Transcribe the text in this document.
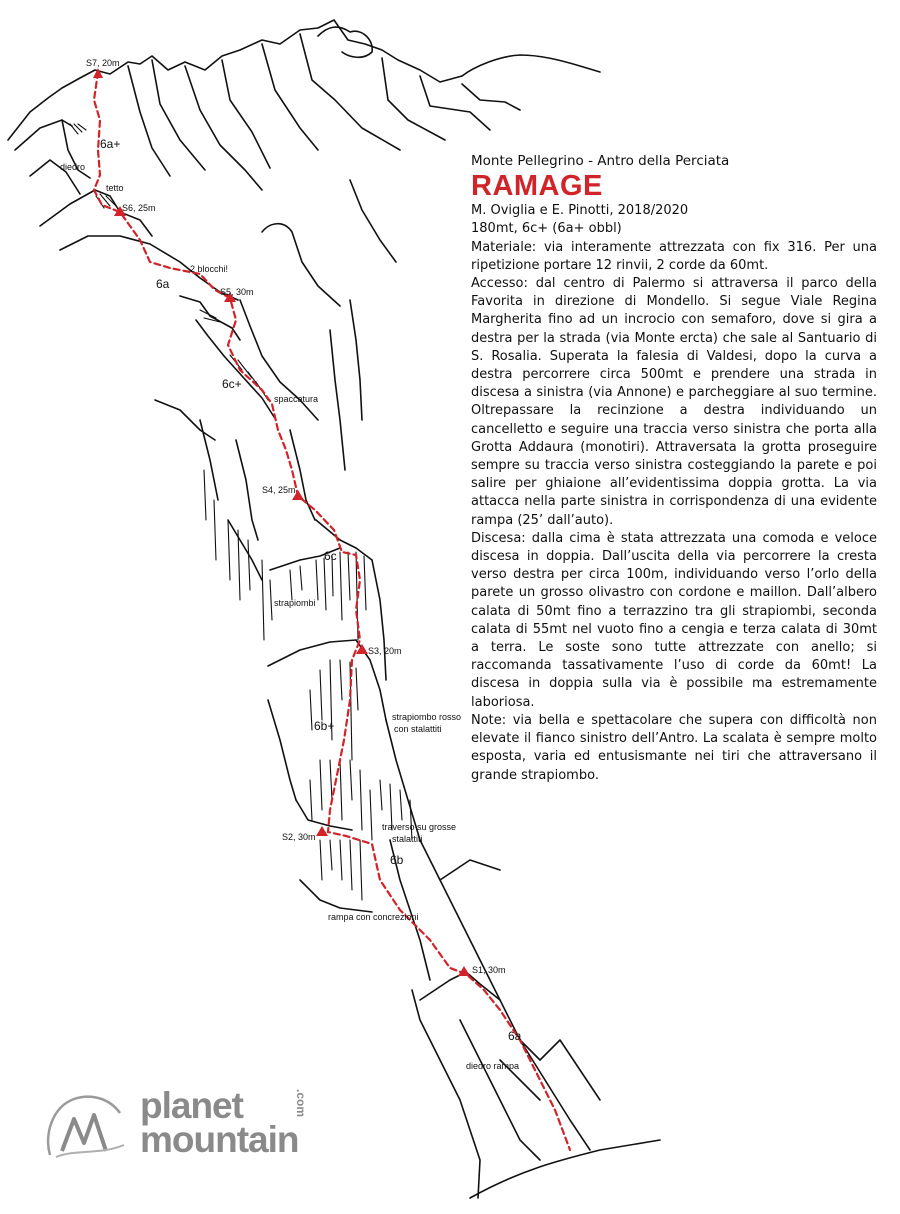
S7, 20m
S6, 25m
S5, 30m
S4, 25m
S3, 20m
S2, 30m
S1, 30m
6a+
6a
6c+
6c
6b+
6b
6a
diedro
tetto
2 blocchi!
spaccatura
strapiombi
strapiombo rosso
con stalattiti
traverso su grosse
stalattiti
rampa con concrezioni
diedro rampa

Monte Pellegrino - Antro della Perciata

RAMAGE

M. Oviglia e E. Pinotti, 2018/2020

180mt, 6c+ (6a+ obbl)

Materiale: via interamente attrezzata con fix 316. Per una ripetizione portare 12 rinvii, 2 corde da 60mt.

Accesso: dal centro di Palermo si attraversa il parco della Favorita in direzione di Mondello. Si segue Viale Regina Margherita fino ad un incrocio con semaforo, dove si gira a destra per la strada (via Monte ercta) che sale al Santuario di S. Rosalia. Superata la falesia di Valdesi, dopo la curva a destra percorrere circa 500mt e prendere una strada in discesa a sinistra (via Annone) e parcheggiare al suo termine. Oltrepassare la recinzione a destra individuando un cancelletto e seguire una traccia verso sinistra che porta alla Grotta Addaura (monotiri). Attraversata la grotta proseguire sempre su traccia verso sinistra costeggiando la parete e poi salire per ghiaione all’evidentissima doppia grotta. La via attacca nella parte sinistra in corrispondenza di una evidente rampa (25’ dall’auto).

Discesa: dalla cima è stata attrezzata una comoda e veloce discesa in doppia. Dall’uscita della via percorrere la cresta verso destra per circa 100m, individuando verso l’orlo della parete un grosso olivastro con cordone e maillon. Dall’albero calata di 50mt fino a terrazzino tra gli strapiombi, seconda calata di 55mt nel vuoto fino a cengia e terza calata di 30mt a terra. Le soste sono tutte attrezzate con anello; si raccomanda tassativamente l’uso di corde da 60mt! La discesa in doppia sulla via è possibile ma estremamente laboriosa.

Note: via bella e spettacolare che supera con difficoltà non elevate il fianco sinistro dell’Antro. La scalata è sempre molto esposta, varia ed entusismante nei tiri che attraversano il grande strapiombo.

planet
mountain
.com
